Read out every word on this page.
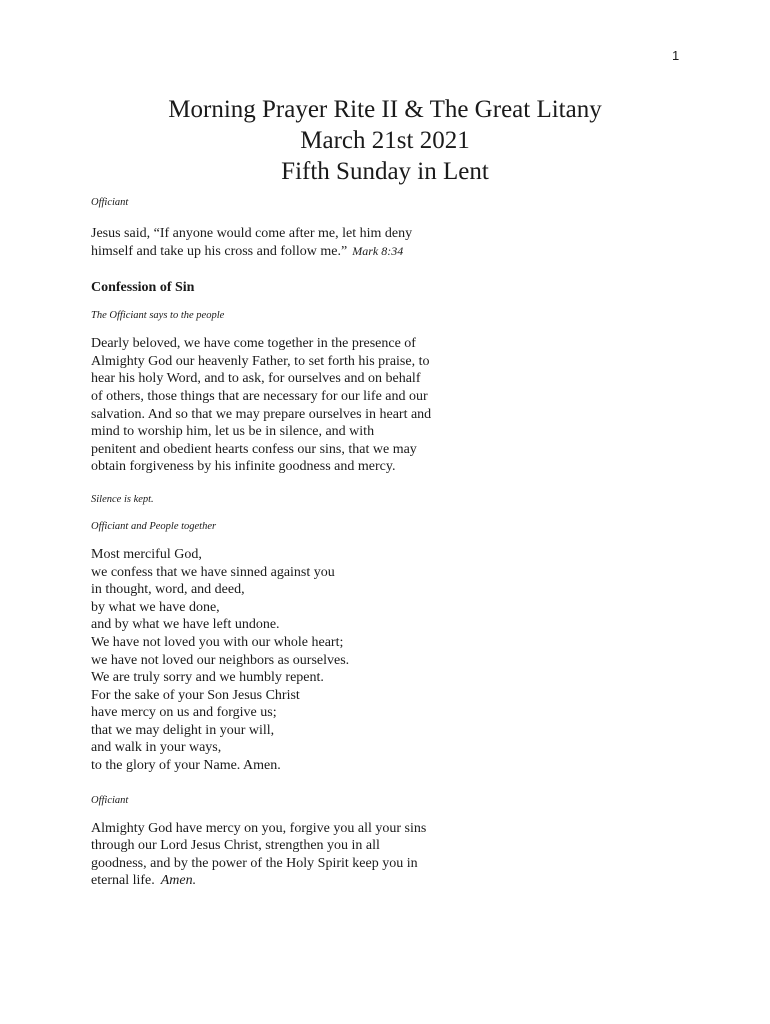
1
Morning Prayer Rite II & The Great Litany
March 21st 2021
Fifth Sunday in Lent

Officiant

Jesus said, “If anyone would come after me, let him deny
himself and take up his cross and follow me.” Mark 8:34

Confession of Sin

The Officiant says to the people

Dearly beloved, we have come together in the presence of
Almighty God our heavenly Father, to set forth his praise, to
hear his holy Word, and to ask, for ourselves and on behalf
of others, those things that are necessary for our life and our
salvation. And so that we may prepare ourselves in heart and
mind to worship him, let us be in silence, and with
penitent and obedient hearts confess our sins, that we may
obtain forgiveness by his infinite goodness and mercy.

Silence is kept.

Officiant and People together

Most merciful God,
we confess that we have sinned against you
in thought, word, and deed,
by what we have done,
and by what we have left undone.
We have not loved you with our whole heart;
we have not loved our neighbors as ourselves.
We are truly sorry and we humbly repent.
For the sake of your Son Jesus Christ
have mercy on us and forgive us;
that we may delight in your will,
and walk in your ways,
to the glory of your Name. Amen.

Officiant

Almighty God have mercy on you, forgive you all your sins
through our Lord Jesus Christ, strengthen you in all
goodness, and by the power of the Holy Spirit keep you in
eternal life. Amen.
